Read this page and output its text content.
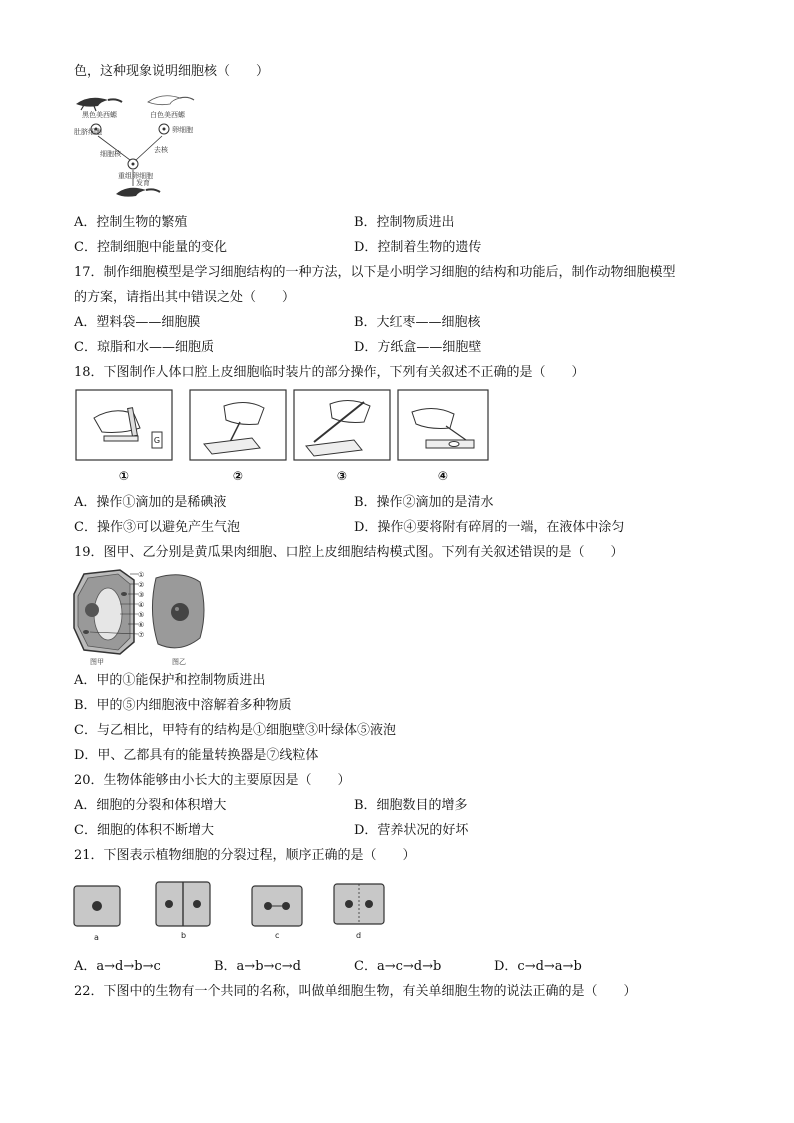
色，这种现象说明细胞核（　　）
黑色美西螈	白色美西螈
肚脐细胞	卵细胞
细胞核	去核
重组卵细胞
发育
A．控制生物的繁殖	B．控制物质进出
C．控制细胞中能量的变化	D．控制着生物的遗传
17．制作细胞模型是学习细胞结构的一种方法，以下是小明学习细胞的结构和功能后，制作动物细胞模型
的方案，请指出其中错误之处（　　）
A．塑料袋——细胞膜	B．大红枣——细胞核
C．琼脂和水——细胞质	D．方纸盒——细胞壁
18．下图制作人体口腔上皮细胞临时装片的部分操作，下列有关叙述不正确的是（　　）
G
①	②	③	④
A．操作①滴加的是稀碘液	B．操作②滴加的是清水
C．操作③可以避免产生气泡	D．操作④要将附有碎屑的一端，在液体中涂匀
19．图甲、乙分别是黄瓜果肉细胞、口腔上皮细胞结构模式图。下列有关叙述错误的是（　　）
①
②
③
④
⑤
⑥
⑦
图甲	图乙
A．甲的①能保护和控制物质进出
B．甲的⑤内细胞液中溶解着多种物质
C．与乙相比，甲特有的结构是①细胞壁③叶绿体⑤液泡
D．甲、乙都具有的能量转换器是⑦线粒体
20．生物体能够由小长大的主要原因是（　　）
A．细胞的分裂和体积增大	B．细胞数目的增多
C．细胞的体积不断增大	D．营养状况的好坏
21．下图表示植物细胞的分裂过程，顺序正确的是（　　）
a	b	c	d
A．a→d→b→c	B．a→b→c→d	C．a→c→d→b	D．c→d→a→b
22．下图中的生物有一个共同的名称，叫做单细胞生物，有关单细胞生物的说法正确的是（　　）
